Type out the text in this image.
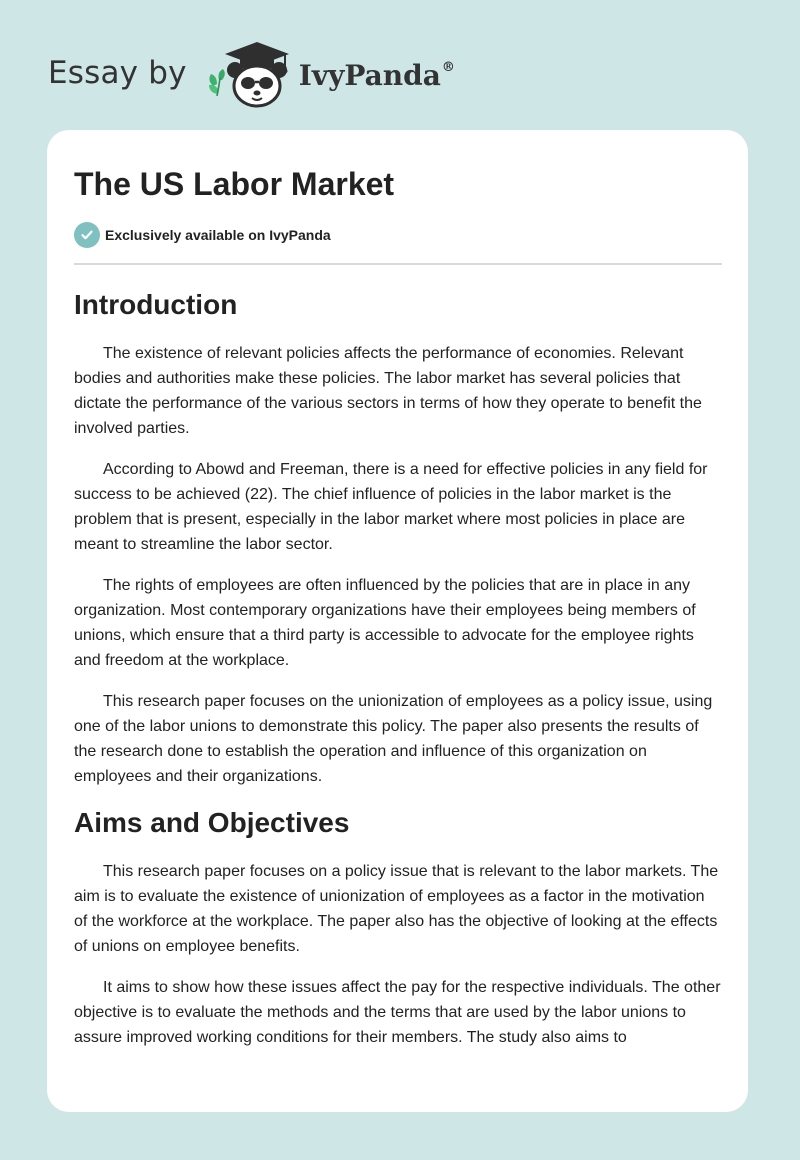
Essay by	IvyPanda®
The US Labor Market
Exclusively available on IvyPanda
Introduction

The existence of relevant policies affects the performance of economies. Relevant bodies and authorities make these policies. The labor market has several policies that dictate the performance of the various sectors in terms of how they operate to benefit the involved parties.

According to Abowd and Freeman, there is a need for effective policies in any field for success to be achieved (22). The chief influence of policies in the labor market is the problem that is present, especially in the labor market where most policies in place are meant to streamline the labor sector.

The rights of employees are often influenced by the policies that are in place in any organization. Most contemporary organizations have their employees being members of unions, which ensure that a third party is accessible to advocate for the employee rights and freedom at the workplace.

This research paper focuses on the unionization of employees as a policy issue, using one of the labor unions to demonstrate this policy. The paper also presents the results of the research done to establish the operation and influence of this organization on employees and their organizations.

Aims and Objectives

This research paper focuses on a policy issue that is relevant to the labor markets. The aim is to evaluate the existence of unionization of employees as a factor in the motivation of the workforce at the workplace. The paper also has the objective of looking at the effects of unions on employee benefits.

It aims to show how these issues affect the pay for the respective individuals. The other objective is to evaluate the methods and the terms that are used by the labor unions to assure improved working conditions for their members. The study also aims to
